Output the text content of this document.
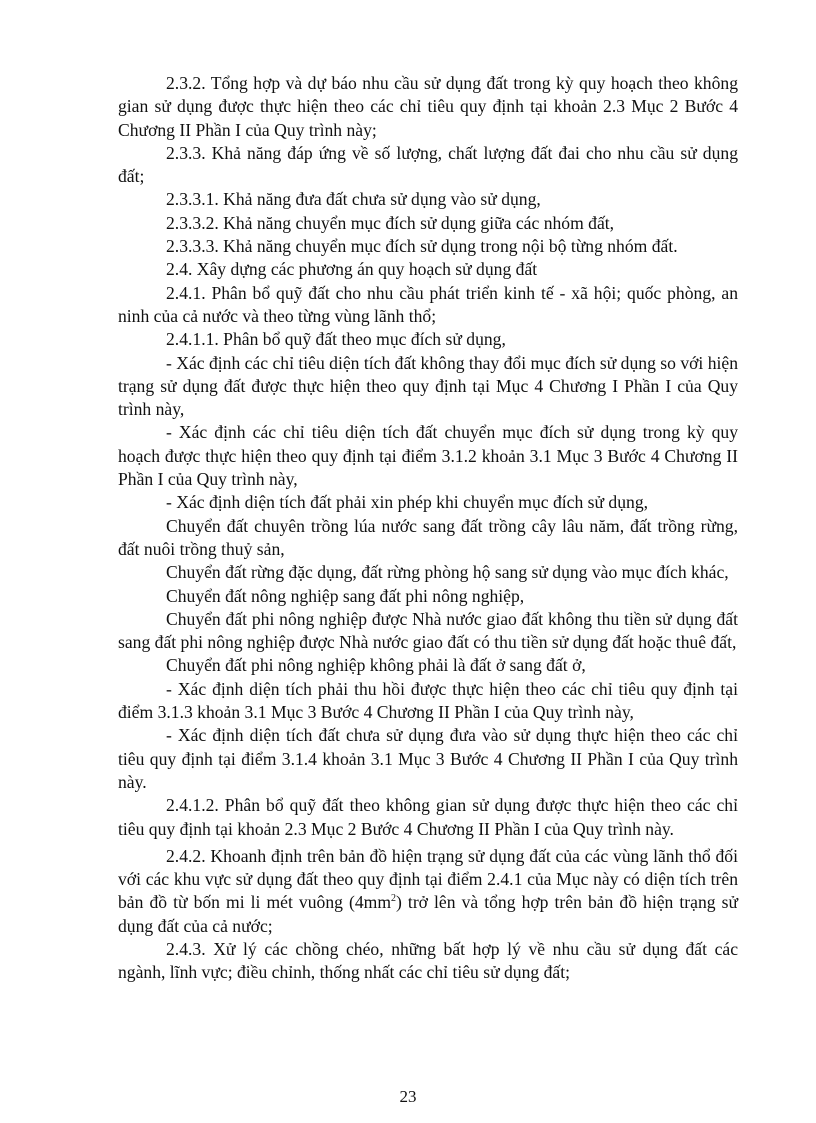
2.3.2. Tổng hợp và dự báo nhu cầu sử dụng đất trong kỳ quy hoạch theo không gian sử dụng được thực hiện theo các chỉ tiêu quy định tại khoản 2.3 Mục 2 Bước 4 Chương II Phần I của Quy trình này;

2.3.3. Khả năng đáp ứng về số lượng, chất lượng đất đai cho nhu cầu sử dụng đất;

2.3.3.1. Khả năng đưa đất chưa sử dụng vào sử dụng,

2.3.3.2. Khả năng chuyển mục đích sử dụng giữa các nhóm đất,

2.3.3.3. Khả năng chuyển mục đích sử dụng trong nội bộ từng nhóm đất.

2.4. Xây dựng các phương án quy hoạch sử dụng đất

2.4.1. Phân bổ quỹ đất cho nhu cầu phát triển kinh tế - xã hội; quốc phòng, an ninh của cả nước và theo từng vùng lãnh thổ;

2.4.1.1. Phân bổ quỹ đất theo mục đích sử dụng,

- Xác định các chỉ tiêu diện tích đất không thay đổi mục đích sử dụng so với hiện trạng sử dụng đất được thực hiện theo quy định tại Mục 4 Chương I Phần I của Quy trình này,

- Xác định các chỉ tiêu diện tích đất chuyển mục đích sử dụng trong kỳ quy hoạch được thực hiện theo quy định tại điểm 3.1.2 khoản 3.1 Mục 3 Bước 4 Chương II Phần I của Quy trình này,

- Xác định diện tích đất phải xin phép khi chuyển mục đích sử dụng,

Chuyển đất chuyên trồng lúa nước sang đất trồng cây lâu năm, đất trồng rừng, đất nuôi trồng thuỷ sản,

Chuyển đất rừng đặc dụng, đất rừng phòng hộ sang sử dụng vào mục đích khác,

Chuyển đất nông nghiệp sang đất phi nông nghiệp,

Chuyển đất phi nông nghiệp được Nhà nước giao đất không thu tiền sử dụng đất sang đất phi nông nghiệp được Nhà nước giao đất có thu tiền sử dụng đất hoặc thuê đất,

Chuyển đất phi nông nghiệp không phải là đất ở sang đất ở,

- Xác định diện tích phải thu hồi được thực hiện theo các chỉ tiêu quy định tại điểm 3.1.3 khoản 3.1 Mục 3 Bước 4 Chương II Phần I của Quy trình này,

- Xác định diện tích đất chưa sử dụng đưa vào sử dụng thực hiện theo các chỉ tiêu quy định tại điểm 3.1.4 khoản 3.1 Mục 3 Bước 4 Chương II Phần I của Quy trình này.

2.4.1.2. Phân bổ quỹ đất theo không gian sử dụng được thực hiện theo các chỉ tiêu quy định tại khoản 2.3 Mục 2 Bước 4 Chương II Phần I của Quy trình này.

2.4.2. Khoanh định trên bản đồ hiện trạng sử dụng đất của các vùng lãnh thổ đối với các khu vực sử dụng đất theo quy định tại điểm 2.4.1 của Mục này có diện tích trên bản đồ từ bốn mi li mét vuông $(4mm^2)$ trở lên và tổng hợp trên bản đồ hiện trạng sử dụng đất của cả nước;

2.4.3. Xử lý các chồng chéo, những bất hợp lý về nhu cầu sử dụng đất các ngành, lĩnh vực; điều chỉnh, thống nhất các chỉ tiêu sử dụng đất;

23
